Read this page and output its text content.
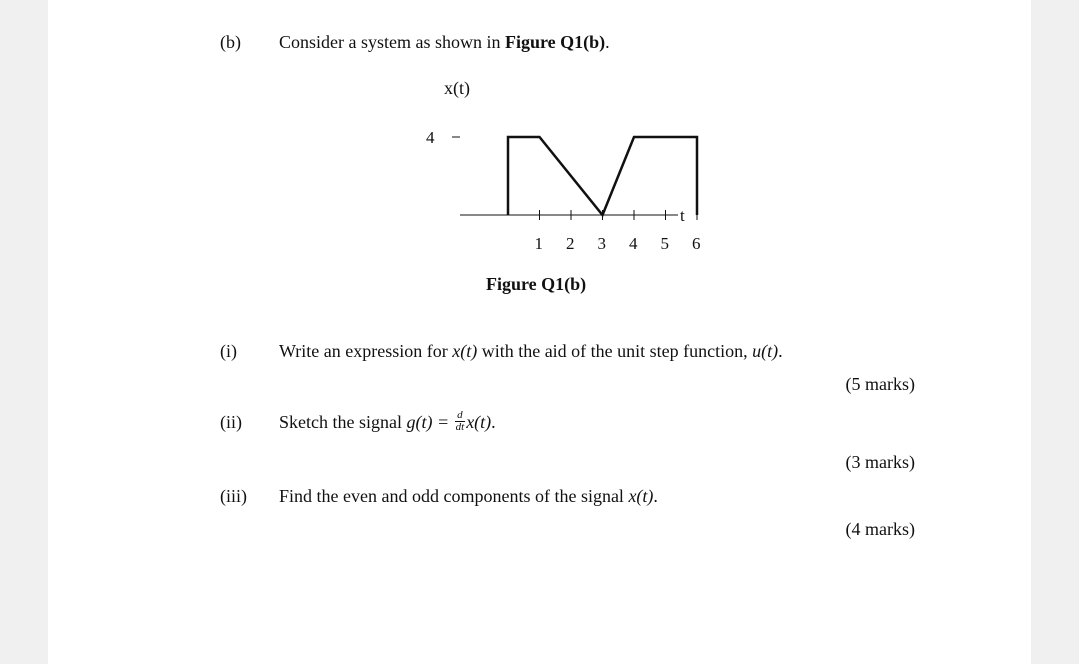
(b) Consider a system as shown in Figure Q1(b).
x(t)
4
t
1 2 3 4 5 6
Figure Q1(b)
(i) Write an expression for x(t) with the aid of the unit step function, u(t).
(5 marks)
(ii) Sketch the signal $g(t) = \frac{d}{dt} x(t)$.
(3 marks)
(iii) Find the even and odd components of the signal x(t).
(4 marks)
